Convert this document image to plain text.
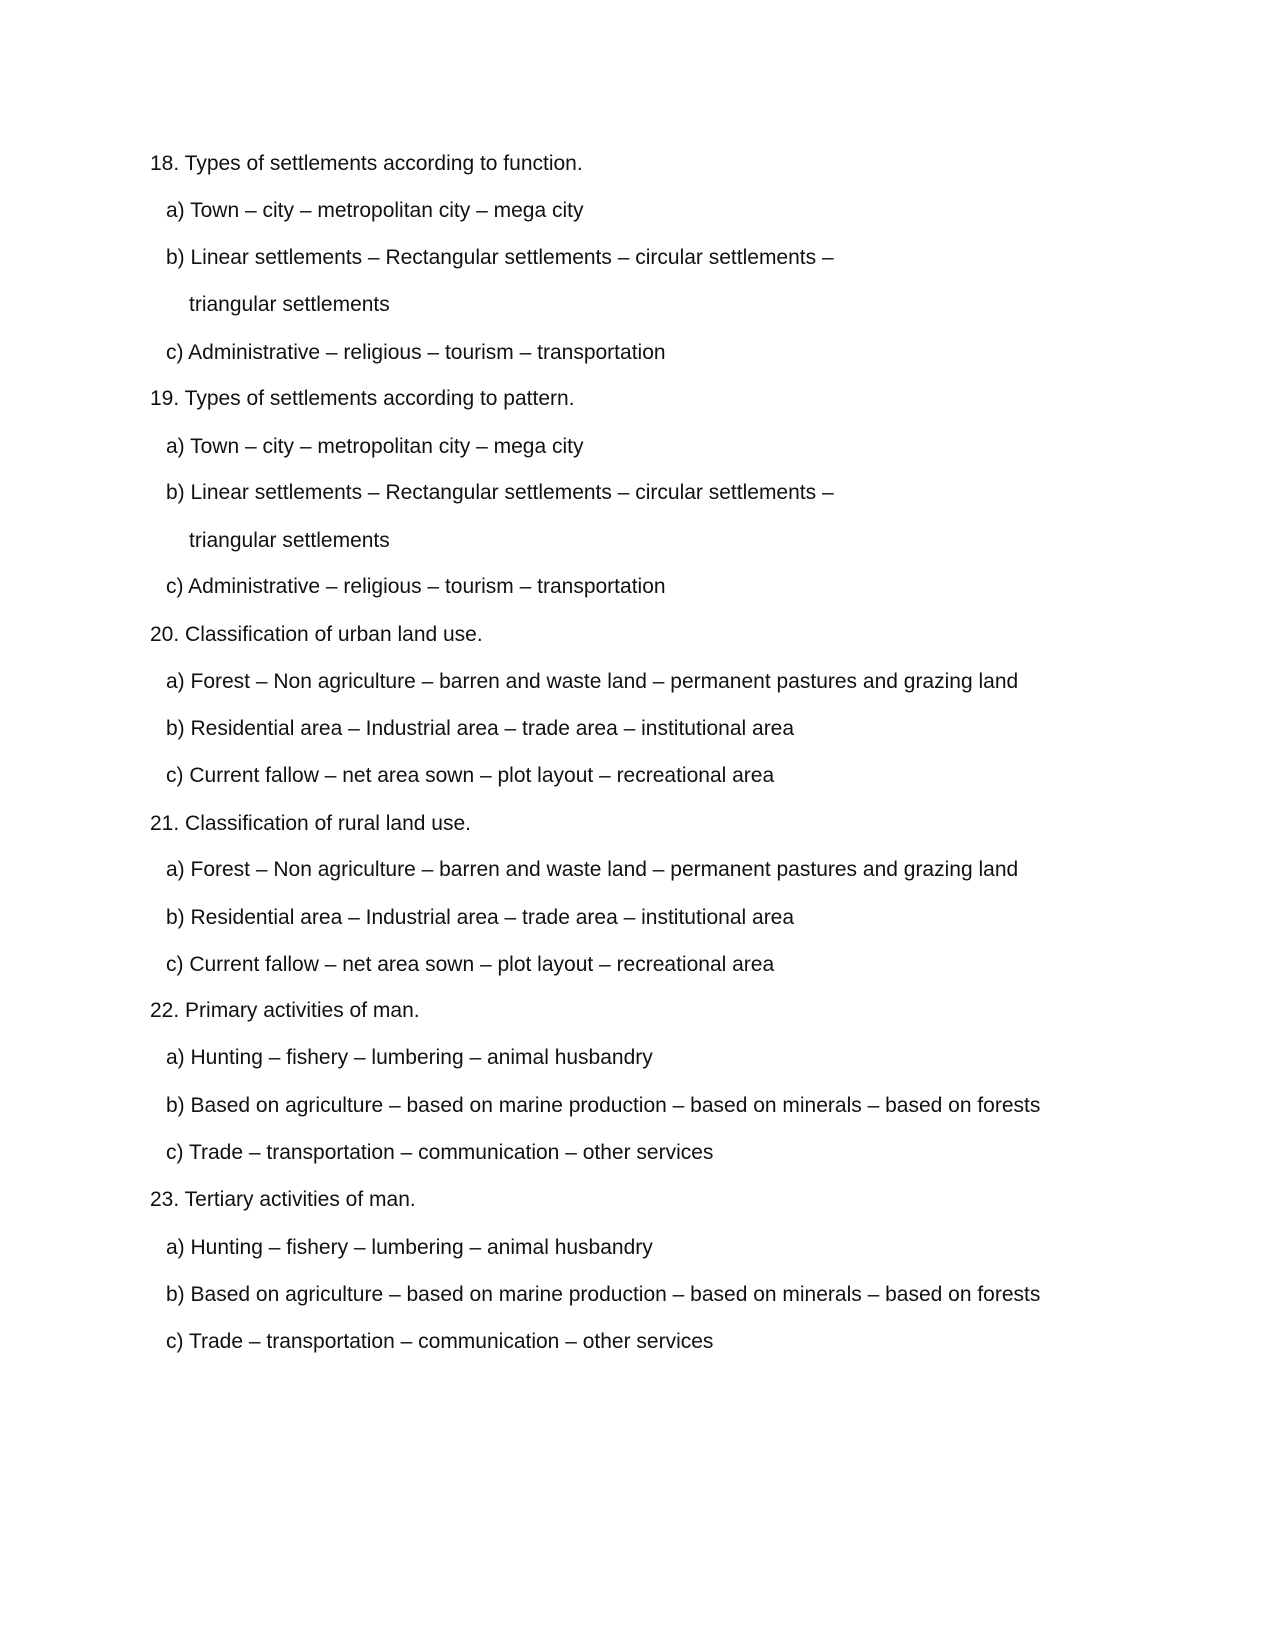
18. Types of settlements according to function.
a) Town – city – metropolitan city – mega city
b) Linear settlements – Rectangular settlements – circular settlements –
triangular settlements
c) Administrative – religious – tourism – transportation
19. Types of settlements according to pattern.
a) Town – city – metropolitan city – mega city
b) Linear settlements – Rectangular settlements – circular settlements –
triangular settlements
c) Administrative – religious – tourism – transportation
20. Classification of urban land use.
a) Forest – Non agriculture – barren and waste land – permanent pastures and grazing land
b) Residential area – Industrial area – trade area – institutional area
c) Current fallow – net area sown – plot layout – recreational area
21. Classification of rural land use.
a) Forest – Non agriculture – barren and waste land – permanent pastures and grazing land
b) Residential area – Industrial area – trade area – institutional area
c) Current fallow – net area sown – plot layout – recreational area
22. Primary activities of man.
a) Hunting – fishery – lumbering – animal husbandry
b) Based on agriculture – based on marine production – based on minerals – based on forests
c) Trade – transportation – communication – other services
23. Tertiary activities of man.
a) Hunting – fishery – lumbering – animal husbandry
b) Based on agriculture – based on marine production – based on minerals – based on forests
c) Trade – transportation – communication – other services
